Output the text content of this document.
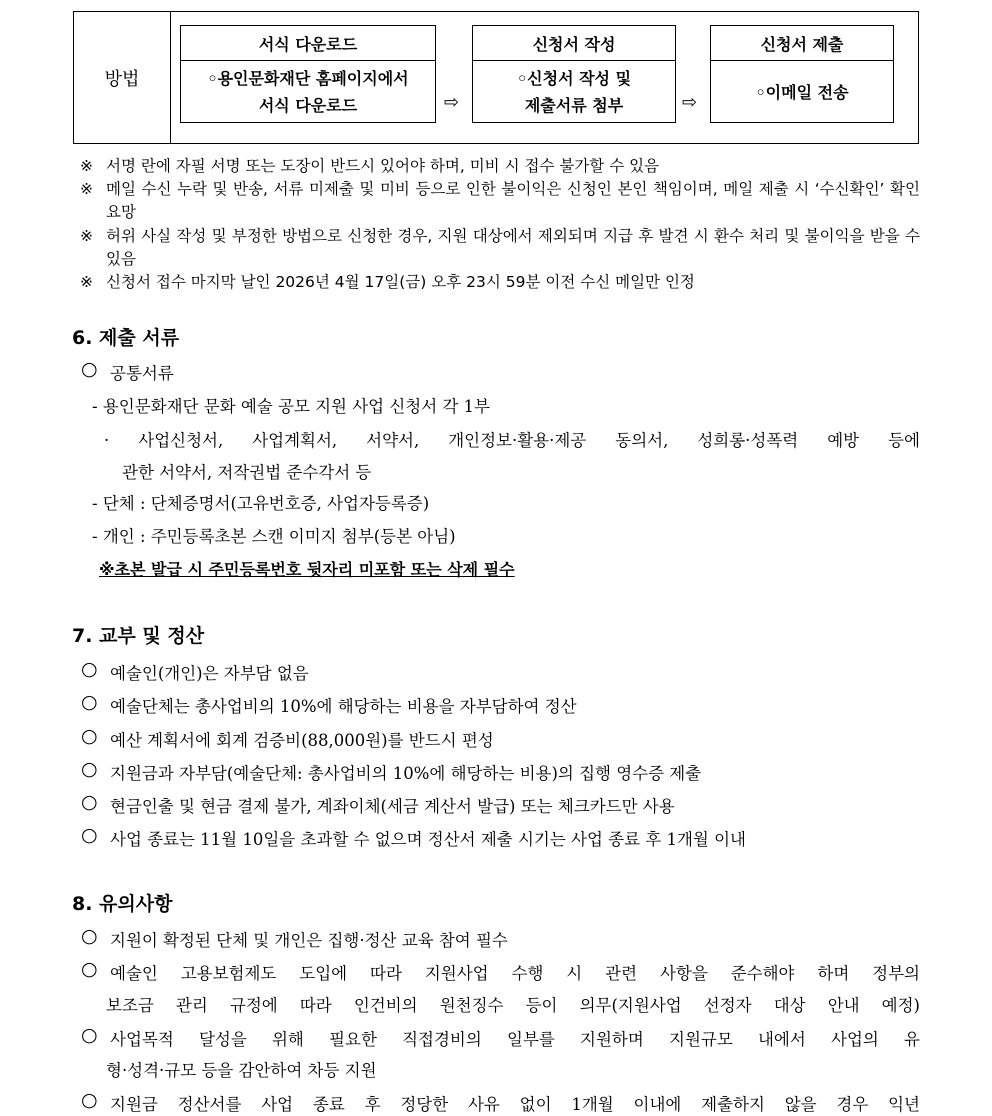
방법
서식 다운로드
◦용인문화재단 홈페이지에서
서식 다운로드	⇨
신청서 작성
◦신청서 작성 및
제출서류 첨부	⇨
신청서 제출
◦이메일 전송
※ 서명 란에 자필 서명 또는 도장이 반드시 있어야 하며, 미비 시 접수 불가할 수 있음
※ 메일 수신 누락 및 반송, 서류 미제출 및 미비 등으로 인한 불이익은 신청인 본인 책임이며, 메일 제출 시 ‘수신확인’ 확인 요망
※ 허위 사실 작성 및 부정한 방법으로 신청한 경우, 지원 대상에서 제외되며 지급 후 발견 시 환수 처리 및 불이익을 받을 수 있음
※ 신청서 접수 마지막 날인 2026년 4월 17일(금) 오후 23시 59분 이전 수신 메일만 인정
6. 제출 서류
○ 공통서류
- 용인문화재단 문화 예술 공모 지원 사업 신청서 각 1부
· 사업신청서, 사업계획서, 서약서, 개인정보·활용·제공 동의서, 성희롱·성폭력 예방 등에
관한 서약서, 저작권법 준수각서 등
- 단체 : 단체증명서(고유번호증, 사업자등록증)
- 개인 : 주민등록초본 스캔 이미지 첨부(등본 아님)
※초본 발급 시 주민등록번호 뒷자리 미포함 또는 삭제 필수
7. 교부 및 정산
○ 예술인(개인)은 자부담 없음
○ 예술단체는 총사업비의 10%에 해당하는 비용을 자부담하여 정산
○ 예산 계획서에 회계 검증비(88,000원)를 반드시 편성
○ 지원금과 자부담(예술단체: 총사업비의 10%에 해당하는 비용)의 집행 영수증 제출
○ 현금인출 및 현금 결제 불가, 계좌이체(세금 계산서 발급) 또는 체크카드만 사용
○ 사업 종료는 11월 10일을 초과할 수 없으며 정산서 제출 시기는 사업 종료 후 1개월 이내
8. 유의사항
○ 지원이 확정된 단체 및 개인은 집행·정산 교육 참여 필수
○ 예술인 고용보험제도 도입에 따라 지원사업 수행 시 관련 사항을 준수해야 하며 정부의
보조금 관리 규정에 따라 인건비의 원천징수 등이 의무(지원사업 선정자 대상 안내 예정)
○ 사업목적 달성을 위해 필요한 직접경비의 일부를 지원하며 지원규모 내에서 사업의 유
형·성격·규모 등을 감안하여 차등 지원
○ 지원금 정산서를 사업 종료 후 정당한 사유 없이 1개월 이내에 제출하지 않을 경우 익년
